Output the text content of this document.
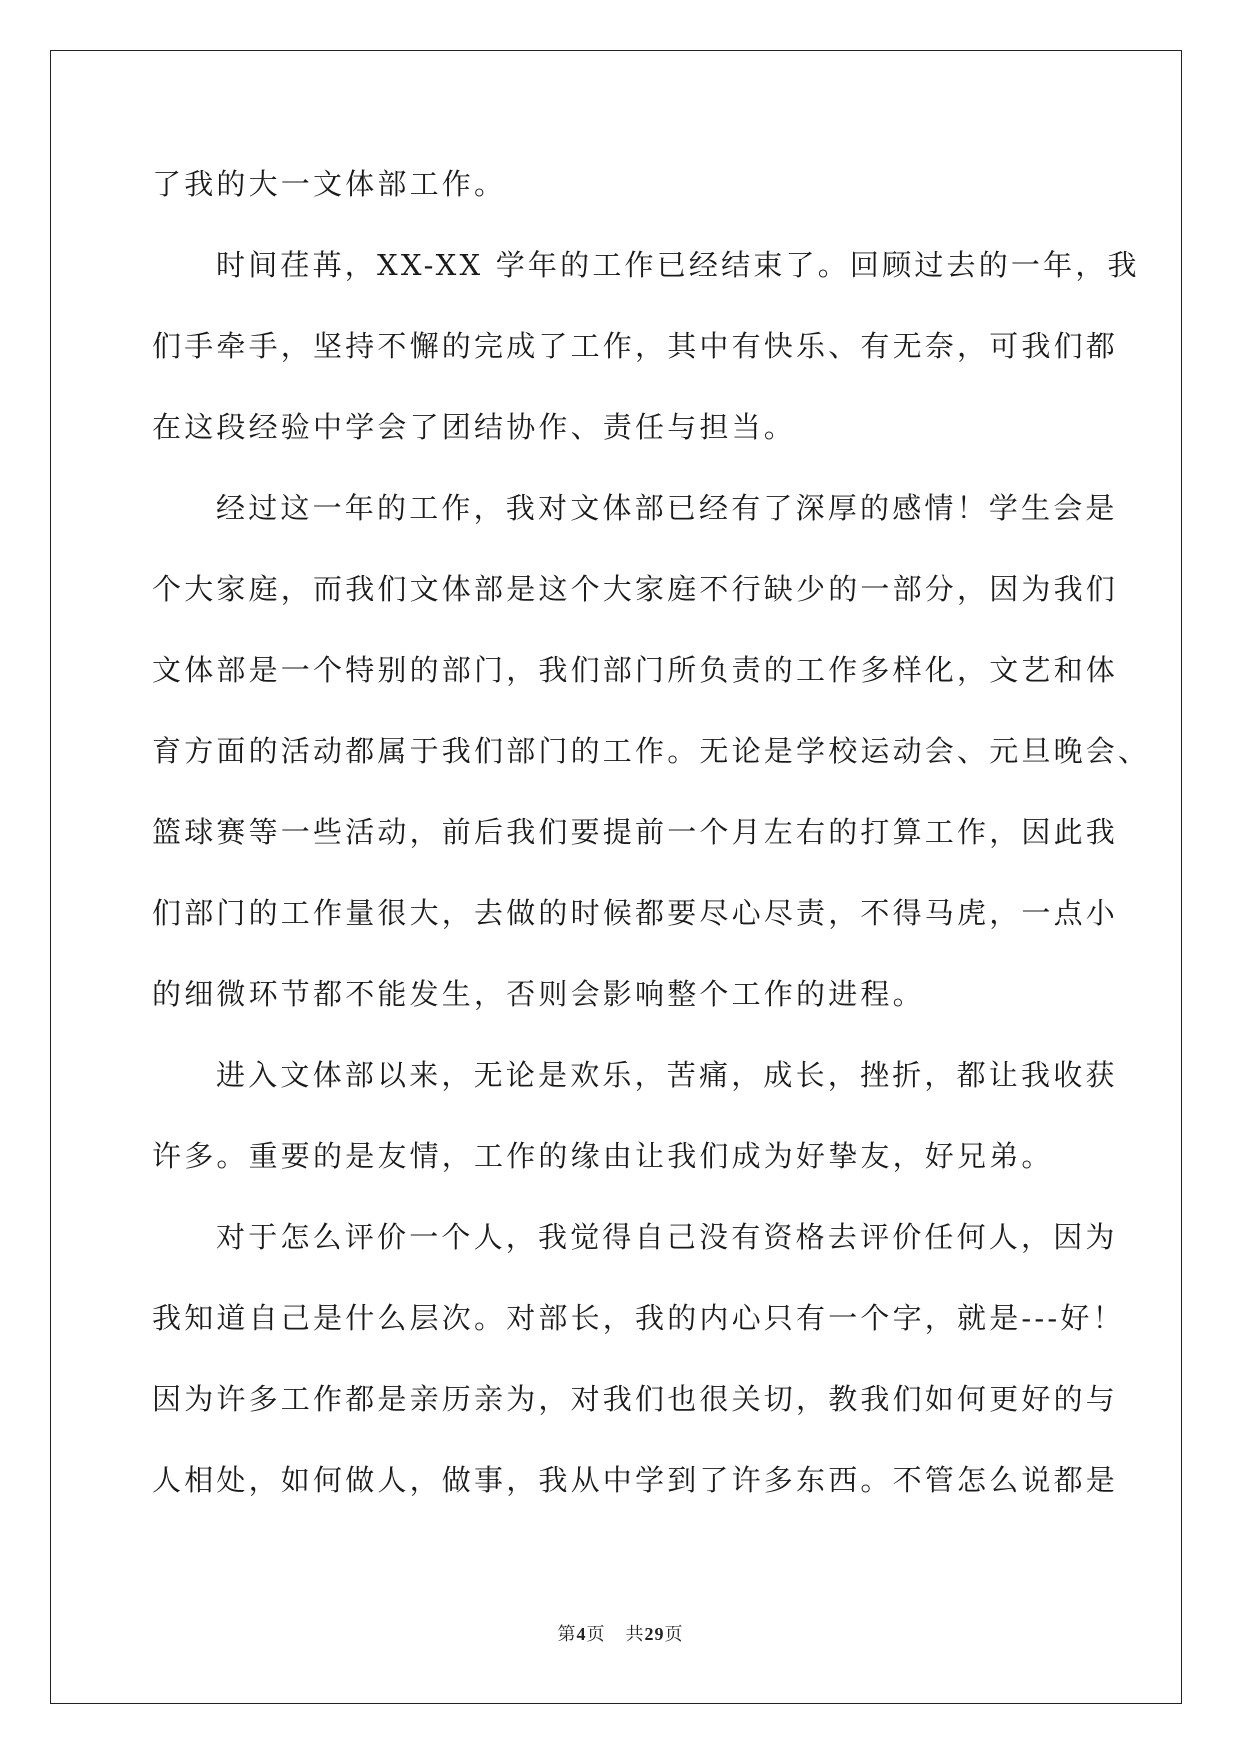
了我的大一文体部工作。
时间荏苒，XX-XX 学年的工作已经结束了。回顾过去的一年，我
们手牵手，坚持不懈的完成了工作，其中有快乐、有无奈，可我们都
在这段经验中学会了团结协作、责任与担当。
经过这一年的工作，我对文体部已经有了深厚的感情！学生会是
个大家庭，而我们文体部是这个大家庭不行缺少的一部分，因为我们
文体部是一个特别的部门，我们部门所负责的工作多样化，文艺和体
育方面的活动都属于我们部门的工作。无论是学校运动会、元旦晚会、
篮球赛等一些活动，前后我们要提前一个月左右的打算工作，因此我
们部门的工作量很大，去做的时候都要尽心尽责，不得马虎，一点小
的细微环节都不能发生，否则会影响整个工作的进程。
进入文体部以来，无论是欢乐，苦痛，成长，挫折，都让我收获
许多。重要的是友情，工作的缘由让我们成为好挚友，好兄弟。
对于怎么评价一个人，我觉得自己没有资格去评价任何人，因为
我知道自己是什么层次。对部长，我的内心只有一个字，就是---好！
因为许多工作都是亲历亲为，对我们也很关切，教我们如何更好的与
人相处，如何做人，做事，我从中学到了许多东西。不管怎么说都是
第4页 共29页
